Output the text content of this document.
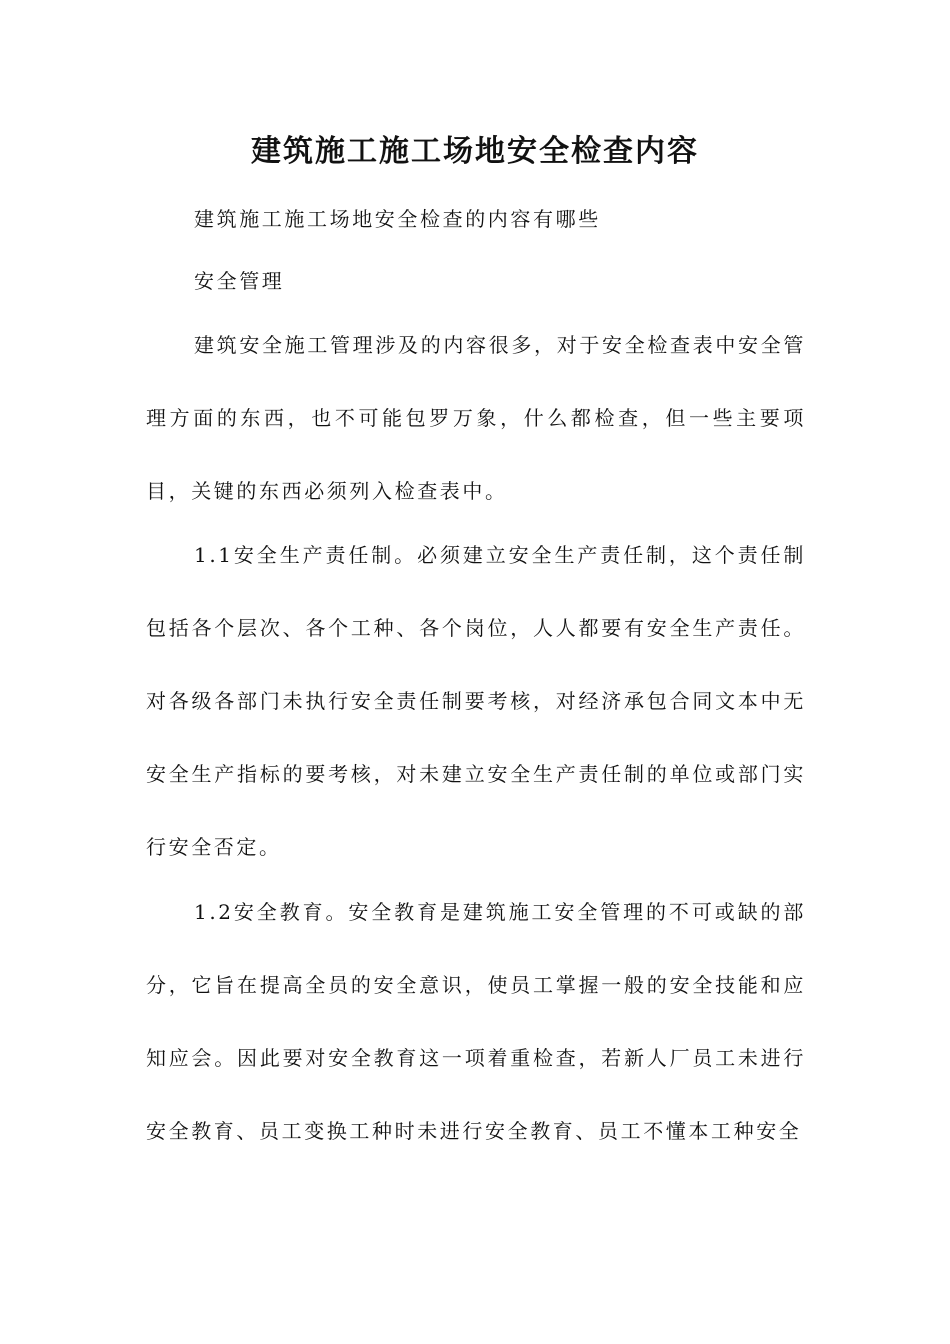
建筑施工施工场地安全检查内容

建筑施工施工场地安全检查的内容有哪些

安全管理

建筑安全施工管理涉及的内容很多，对于安全检查表中安全管理方面的东西，也不可能包罗万象，什么都检查，但一些主要项目，关键的东西必须列入检查表中。

1.1安全生产责任制。必须建立安全生产责任制，这个责任制包括各个层次、各个工种、各个岗位，人人都要有安全生产责任。对各级各部门未执行安全责任制要考核，对经济承包合同文本中无安全生产指标的要考核，对未建立安全生产责任制的单位或部门实行安全否定。

1.2安全教育。安全教育是建筑施工安全管理的不可或缺的部分，它旨在提高全员的安全意识，使员工掌握一般的安全技能和应知应会。因此要对安全教育这一项着重检查，若新人厂员工未进行安全教育、员工变换工种时未进行安全教育、员工不懂本工种安全
